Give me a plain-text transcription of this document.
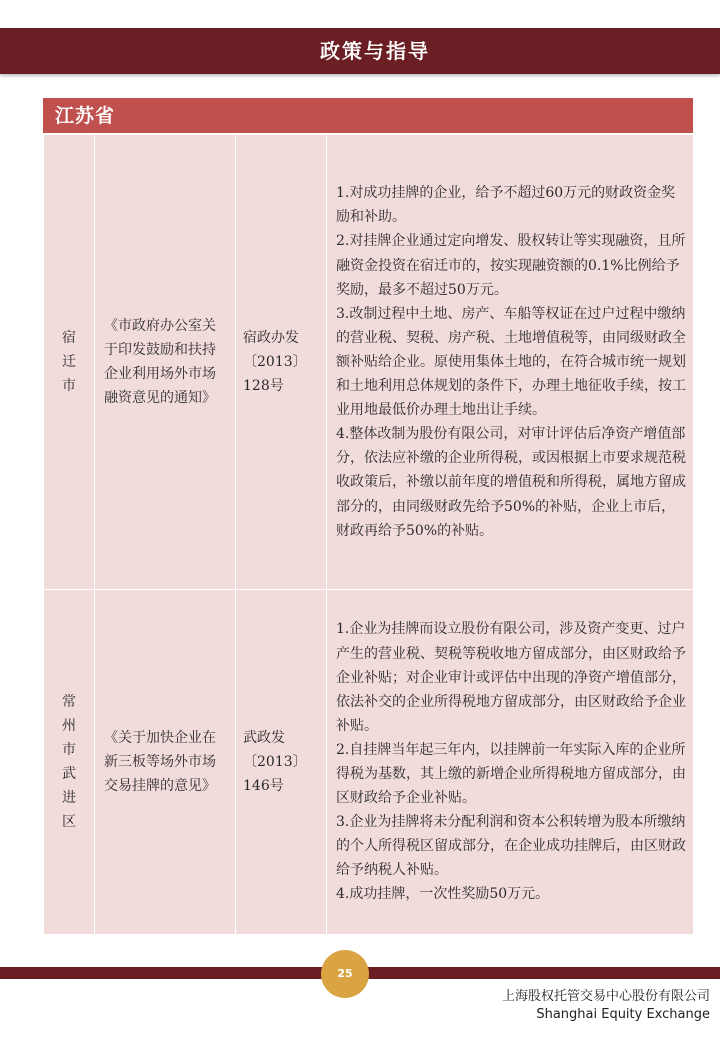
政策与指导
江苏省
宿迁市	《市政府办公室关于印发鼓励和扶持企业利用场外市场融资意见的通知》	宿政办发〔2013〕128号	1.对成功挂牌的企业，给予不超过60万元的财政资金奖励和补助。

2.对挂牌企业通过定向增发、股权转让等实现融资，且所融资金投资在宿迁市的，按实现融资额的0.1%比例给予奖励，最多不超过50万元。

3.改制过程中土地、房产、车船等权证在过户过程中缴纳的营业税、契税、房产税、土地增值税等，由同级财政全额补贴给企业。原使用集体土地的，在符合城市统一规划和土地利用总体规划的条件下，办理土地征收手续，按工业用地最低价办理土地出让手续。

4.整体改制为股份有限公司，对审计评估后净资产增值部分，依法应补缴的企业所得税，或因根据上市要求规范税收政策后，补缴以前年度的增值税和所得税，属地方留成部分的，由同级财政先给予50%的补贴，企业上市后，财政再给予50%的补贴。

常州市武进区	《关于加快企业在新三板等场外市场交易挂牌的意见》	武政发〔2013〕146号	1.企业为挂牌而设立股份有限公司，涉及资产变更、过户产生的营业税、契税等税收地方留成部分，由区财政给予企业补贴；对企业审计或评估中出现的净资产增值部分，依法补交的企业所得税地方留成部分，由区财政给予企业补贴。

2.自挂牌当年起三年内，以挂牌前一年实际入库的企业所得税为基数，其上缴的新增企业所得税地方留成部分，由区财政给予企业补贴。

3.企业为挂牌将未分配利润和资本公积转增为股本所缴纳的个人所得税区留成部分，在企业成功挂牌后，由区财政给予纳税人补贴。

4.成功挂牌，一次性奖励50万元。

25
上海股权托管交易中心股份有限公司
Shanghai Equity Exchange
